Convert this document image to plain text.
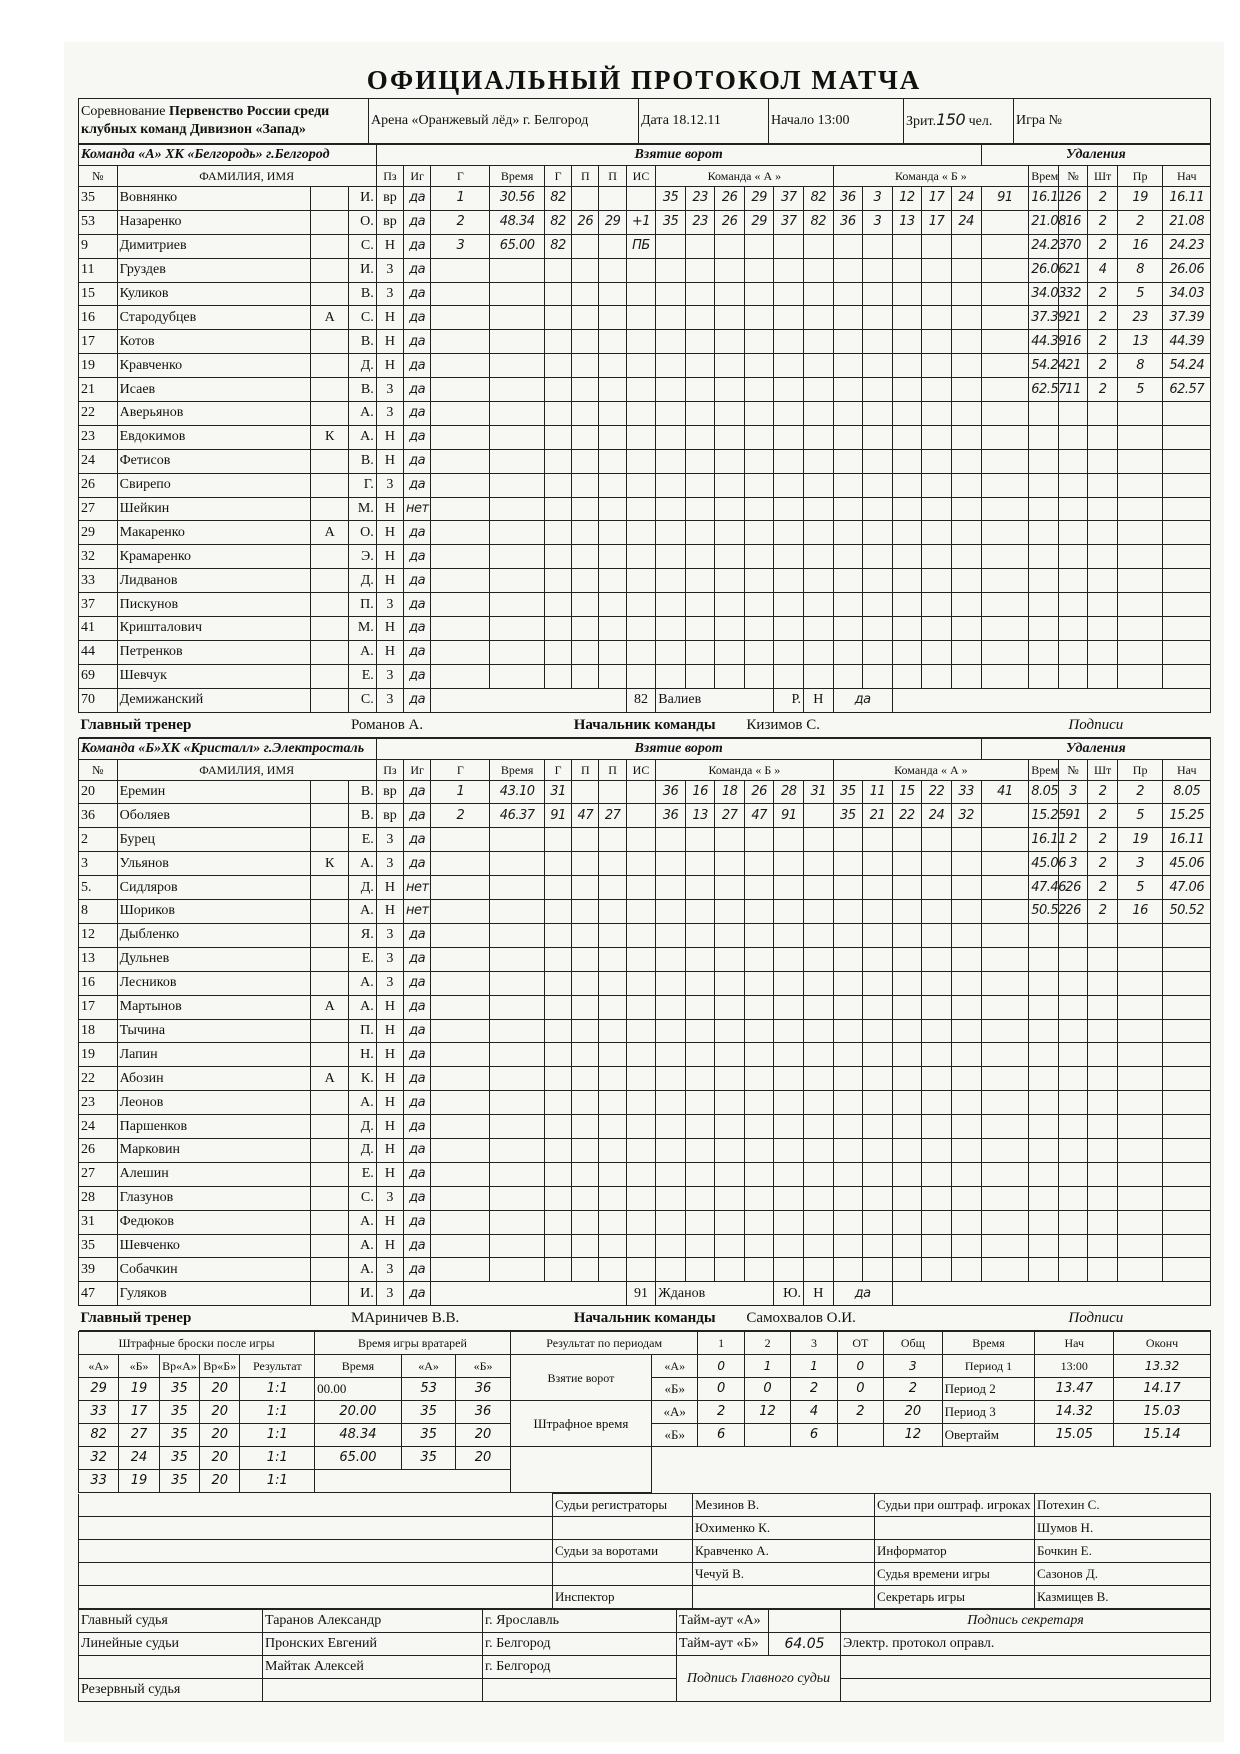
ОФИЦИАЛЬНЫЙ ПРОТОКОЛ МАТЧА
Соревнование Первенство России среди клубных команд Дивизион «Запад»	Арена «Оранжевый лёд» г. Белгород	Дата 18.12.11	Начало 13:00	Зрит.150 чел.	Игра №
Команда «А» ХК «Белгородь» г.Белгород				Взятие ворот																			Удаления						
№	ФАМИЛИЯ, ИМЯ			Пз	Иг	Г	Время	Г	П	П	ИС	Команда « А »						Команда « Б »						Врем	№	Шт	Пр	Нач	
35	Вовнянко		И.	вр	да	1	30.56	82				35	23	26	29	37	82	36	3	12	17	24	91	16.11	26	2	19	16.11	
53	Назаренко		О.	вр	да	2	48.34	82	26	29	+1	35	23	26	29	37	82	36	3	13	17	24		21.08	16	2	2	21.08	
9	Димитриев		С.	Н	да	3	65.00	82			ПБ													24.23	70	2	16	24.23	
11	Груздев		И.	3	да																			26.06	21	4	8	26.06	
15	Куликов		В.	3	да																			34.03	32	2	5	34.03	
16	Стародубцев	А	С.	Н	да																			37.39	21	2	23	37.39	
17	Котов		В.	Н	да																			44.39	16	2	13	44.39	
19	Кравченко		Д.	Н	да																			54.24	21	2	8	54.24	
21	Исаев		В.	3	да																			62.57	11	2	5	62.57	
22	Аверьянов		А.	3	да																								
23	Евдокимов	К	А.	Н	да																								
24	Фетисов		В.	Н	да																								
26	Свирепо		Г.	3	да																								
27	Шейкин		М.	Н	нет																								
29	Макаренко	А	О.	Н	да																								
32	Крамаренко		Э.	Н	да																								
33	Лидванов		Д.	Н	да																								
37	Пискунов		П.	3	да																								
41	Кришталович		М.	Н	да																								
44	Петренков		А.	Н	да																								
69	Шевчук		Е.	3	да																								
70	Демижанский		С.	3	да						82	Валиев				Р.	Н	да											
Главный тренер			Романов А.						Начальник команды						Кизимов С.								Подписи						
Команда «Б»ХК «Кристалл» г.Электросталь				Взятие ворот																			Удаления						
№	ФАМИЛИЯ, ИМЯ			Пз	Иг	Г	Время	Г	П	П	ИС	Команда « Б »						Команда « А »						Врем	№	Шт	Пр	Нач	
20	Еремин		В.	вр	да	1	43.10	31				36	16	18	26	28	31	35	11	15	22	33	41	8.05	3	2	2	8.05	
36	Оболяев		В.	вр	да	2	46.37	91	47	27		36	13	27	47	91		35	21	22	24	32		15.25	91	2	5	15.25	
2	Бурец		Е.	3	да																			16.11	2	2	19	16.11	
3	Ульянов	К	А.	3	да																			45.06	3	2	3	45.06	
5.	Сидляров		Д.	Н	нет																			47.46	26	2	5	47.06	
8	Шориков		А.	Н	нет																			50.52	26	2	16	50.52	
12	Дыбленко		Я.	3	да																								
13	Дульнев		Е.	3	да																								
16	Лесников		А.	3	да																								
17	Мартынов	А	А.	Н	да																								
18	Тычина		П.	Н	да																								
19	Лапин		Н.	Н	да																								
22	Абозин	А	К.	Н	да																								
23	Леонов		А.	Н	да																								
24	Паршенков		Д.	Н	да																								
26	Марковин		Д.	Н	да																								
27	Алешин		Е.	Н	да																								
28	Глазунов		С.	3	да																								
31	Федюков		А.	Н	да																								
35	Шевченко		А.	Н	да																								
39	Собачкин		А.	3	да																								
47	Гуляков		И.	3	да						91	Жданов				Ю.	Н	да											
Главный тренер			МАриничев В.В.						Начальник команды						Самохвалов О.И.								Подписи						
Штрафные броски после игры					Время игры вратарей			Результат по периодам		1	2	3	ОТ	Общ	Время	Нач	Оконч
«А»	«Б»	Вр«А»	Вр«Б»	Результат	Время	«А»	«Б»	Взятие ворот	«А»	0	1	1	0	3	Период 1	13:00	13.32
29	19	35	20	1:1	00.00	53	36		«Б»	0	0	2	0	2	Период 2	13.47	14.17
33	17	35	20	1:1	20.00	35	36	Штрафное время	«А»	2	12	4	2	20	Период 3	14.32	15.03
82	27	35	20	1:1	48.34	35	20		«Б»	6		6		12	Овертайм	15.05	15.14
32	24	35	20	1:1	65.00	35	20										
33	19	35	20	1:1													
	Судьи регистраторы	Мезинов В.	Судьи при оштраф. игроках	Потехин С.
		Юхименко К.		Шумов Н.
	Судьи за воротами	Кравченко А.	Информатор	Бочкин Е.
		Чечуй В.	Судья времени игры	Сазонов Д.
	Инспектор		Секретарь игры	Казмищев В.
Главный судья	Таранов Александр	г. Ярославль	Тайм-аут «А»		Подпись секретаря
Линейные судьи	Пронских Евгений	г. Белгород	Тайм-аут «Б»	64.05	Электр. протокол оправл.
	Майтак Алексей	г. Белгород	Подпись Главного судьи		
Резервный судья					
